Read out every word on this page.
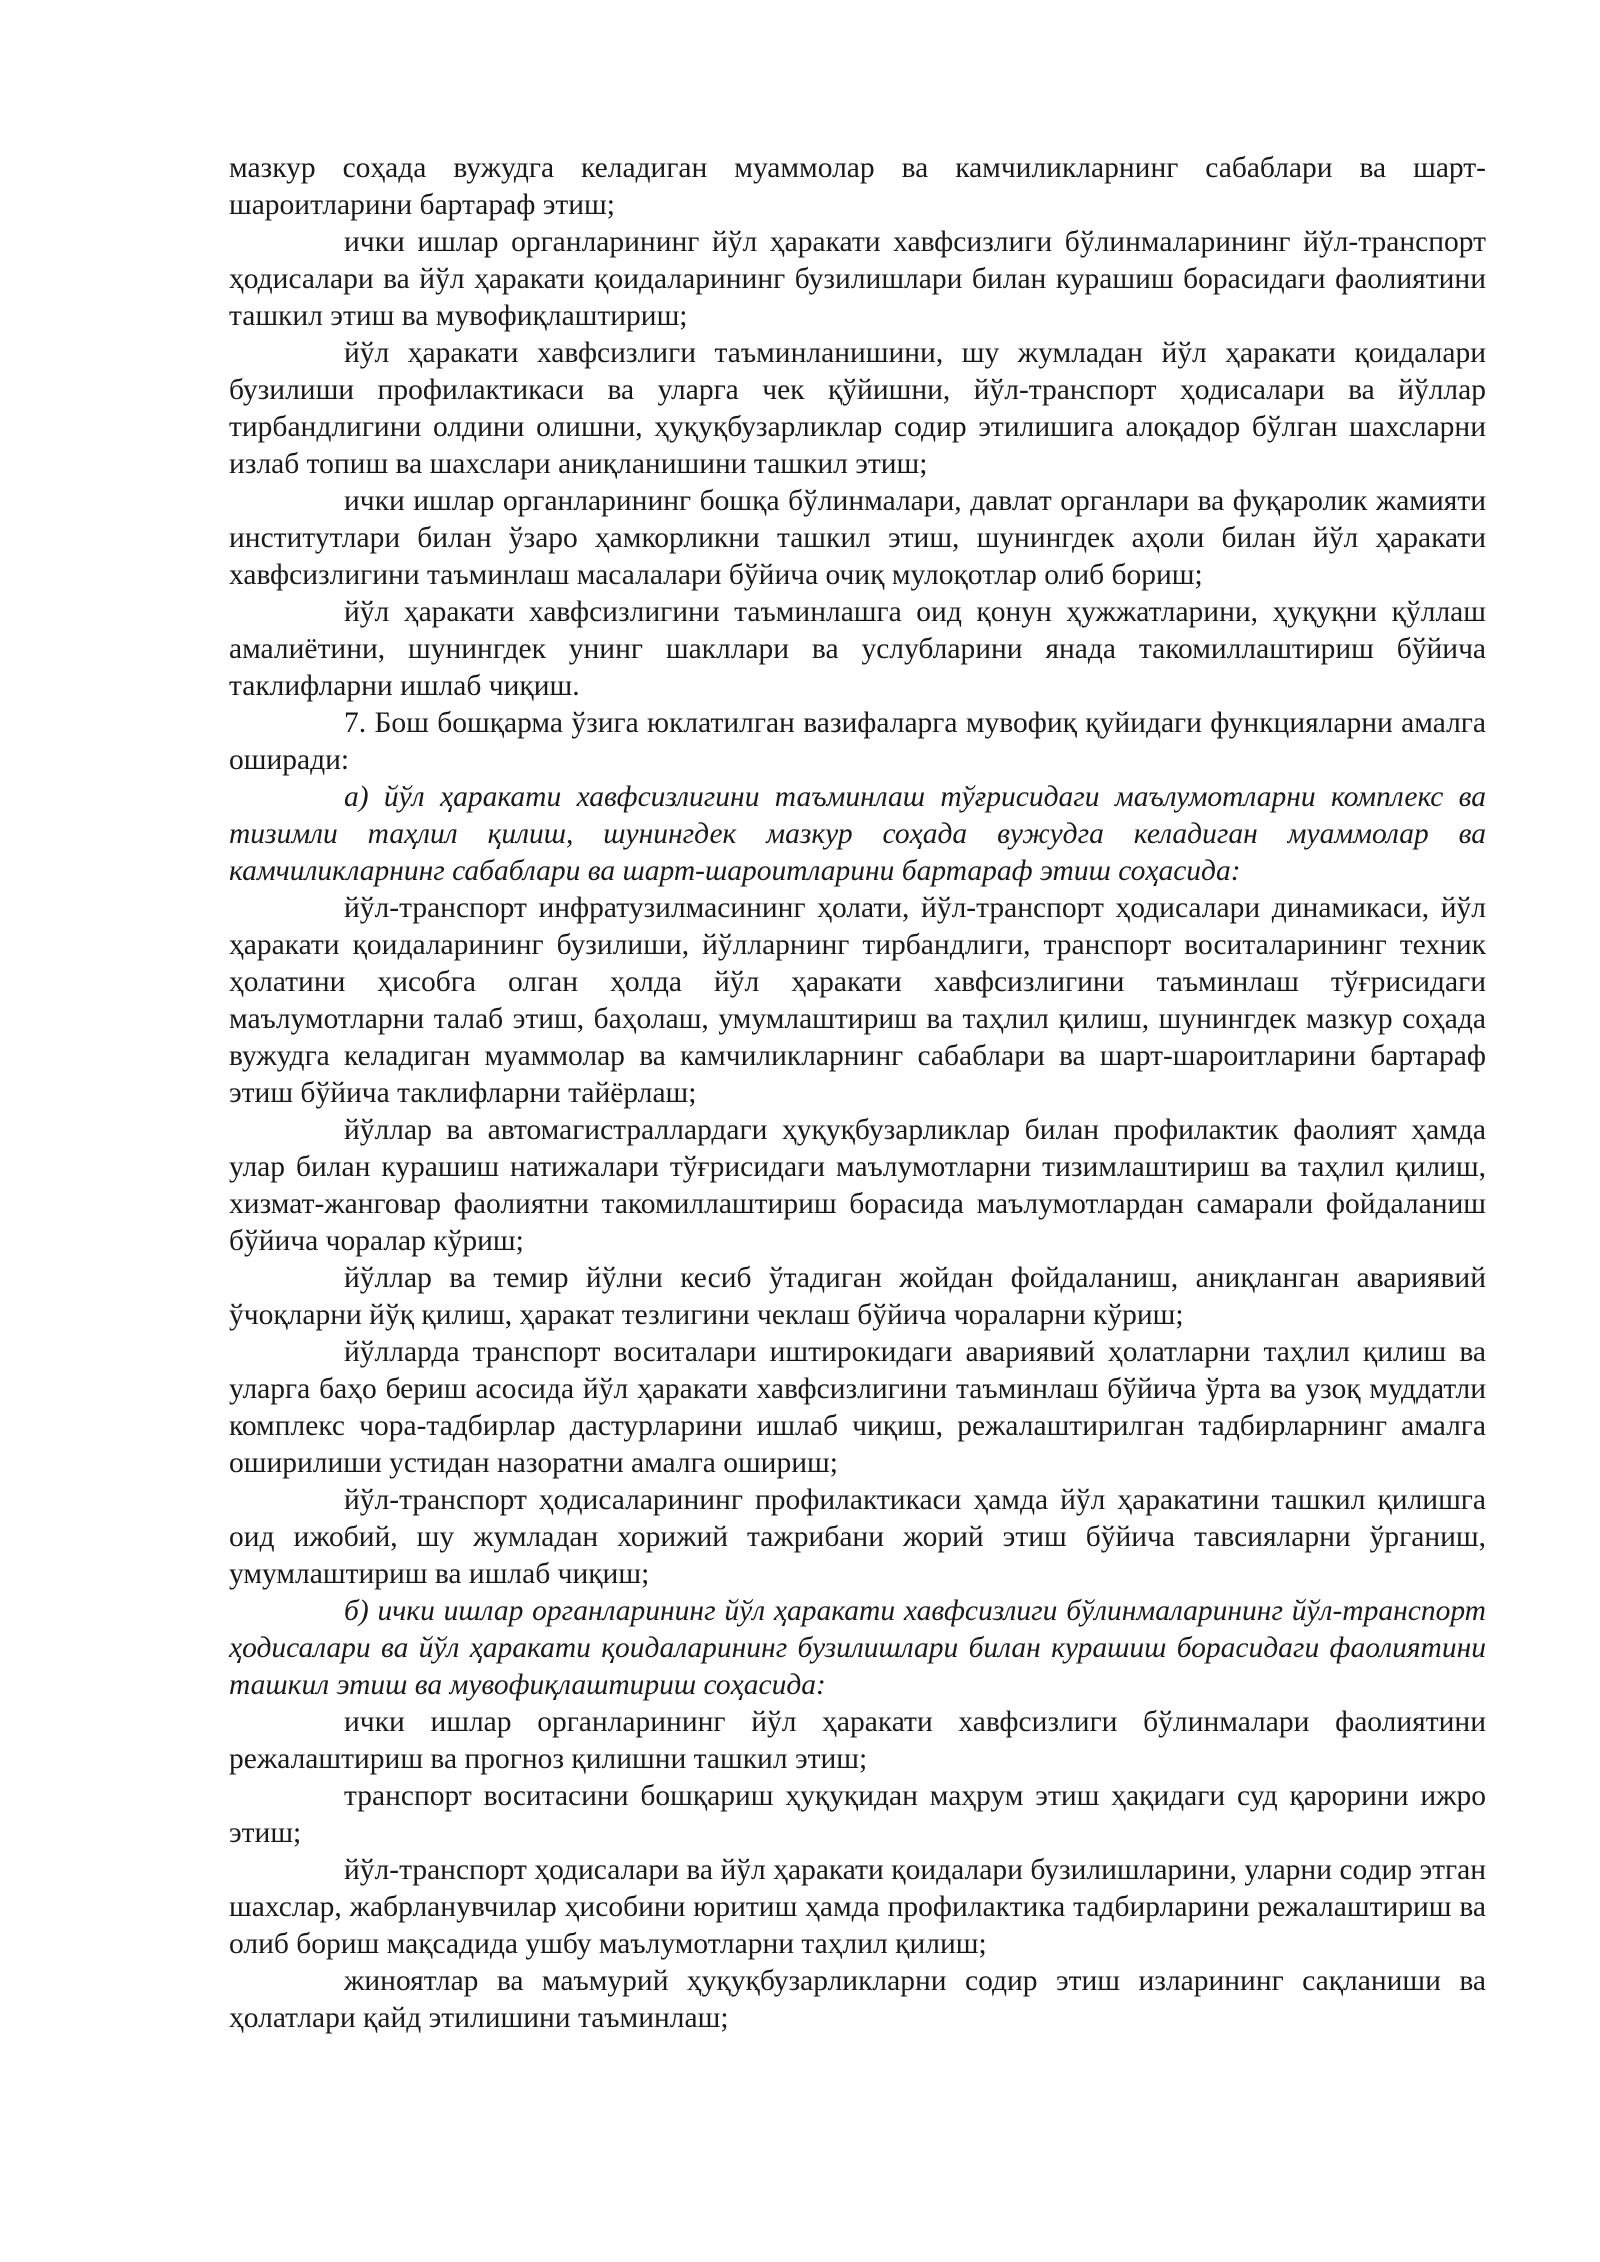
мазкур соҳада вужудга келадиган муаммолар ва камчиликларнинг сабаблари ва шарт-шароитларини бартараф этиш;

ички ишлар органларининг йўл ҳаракати хавфсизлиги бўлинмаларининг йўл-транспорт ҳодисалари ва йўл ҳаракати қоидаларининг бузилишлари билан курашиш борасидаги фаолиятини ташкил этиш ва мувофиқлаштириш;

йўл ҳаракати хавфсизлиги таъминланишини, шу жумладан йўл ҳаракати қоидалари бузилиши профилактикаси ва уларга чек қўйишни, йўл-транспорт ҳодисалари ва йўллар тирбандлигини олдини олишни, ҳуқуқбузарликлар содир этилишига алоқадор бўлган шахсларни излаб топиш ва шахслари аниқланишини ташкил этиш;

ички ишлар органларининг бошқа бўлинмалари, давлат органлари ва фуқаролик жамияти институтлари билан ўзаро ҳамкорликни ташкил этиш, шунингдек аҳоли билан йўл ҳаракати хавфсизлигини таъминлаш масалалари бўйича очиқ мулоқотлар олиб бориш;

йўл ҳаракати хавфсизлигини таъминлашга оид қонун ҳужжатларини, ҳуқуқни қўллаш амалиётини, шунингдек унинг шакллари ва услубларини янада такомиллаштириш бўйича таклифларни ишлаб чиқиш.

7. Бош бошқарма ўзига юклатилган вазифаларга мувофиқ қуйидаги функцияларни амалга оширади:

а) йўл ҳаракати хавфсизлигини таъминлаш тўғрисидаги маълумотларни комплекс ва тизимли таҳлил қилиш, шунингдек мазкур соҳада вужудга келадиган муаммолар ва камчиликларнинг сабаблари ва шарт-шароитларини бартараф этиш соҳасида:

йўл-транспорт инфратузилмасининг ҳолати, йўл-транспорт ҳодисалари динамикаси, йўл ҳаракати қоидаларининг бузилиши, йўлларнинг тирбандлиги, транспорт воситаларининг техник ҳолатини ҳисобга олган ҳолда йўл ҳаракати хавфсизлигини таъминлаш тўғрисидаги маълумотларни талаб этиш, баҳолаш, умумлаштириш ва таҳлил қилиш, шунингдек мазкур соҳада вужудга келадиган муаммолар ва камчиликларнинг сабаблари ва шарт-шароитларини бартараф этиш бўйича таклифларни тайёрлаш;

йўллар ва автомагистраллардаги ҳуқуқбузарликлар билан профилактик фаолият ҳамда улар билан курашиш натижалари тўғрисидаги маълумотларни тизимлаштириш ва таҳлил қилиш, хизмат-жанговар фаолиятни такомиллаштириш борасида маълумотлардан самарали фойдаланиш бўйича чоралар кўриш;

йўллар ва темир йўлни кесиб ўтадиган жойдан фойдаланиш, аниқланган авариявий ўчоқларни йўқ қилиш, ҳаракат тезлигини чеклаш бўйича чораларни кўриш;

йўлларда транспорт воситалари иштирокидаги авариявий ҳолатларни таҳлил қилиш ва уларга баҳо бериш асосида йўл ҳаракати хавфсизлигини таъминлаш бўйича ўрта ва узоқ муддатли комплекс чора-тадбирлар дастурларини ишлаб чиқиш, режалаштирилган тадбирларнинг амалга оширилиши устидан назоратни амалга ошириш;

йўл-транспорт ҳодисаларининг профилактикаси ҳамда йўл ҳаракатини ташкил қилишга оид ижобий, шу жумладан хорижий тажрибани жорий этиш бўйича тавсияларни ўрганиш, умумлаштириш ва ишлаб чиқиш;

б) ички ишлар органларининг йўл ҳаракати хавфсизлиги бўлинмаларининг йўл-транспорт ҳодисалари ва йўл ҳаракати қоидаларининг бузилишлари билан курашиш борасидаги фаолиятини ташкил этиш ва мувофиқлаштириш соҳасида:

ички ишлар органларининг йўл ҳаракати хавфсизлиги бўлинмалари фаолиятини режалаштириш ва прогноз қилишни ташкил этиш;

транспорт воситасини бошқариш ҳуқуқидан маҳрум этиш ҳақидаги суд қарорини ижро этиш;

йўл-транспорт ҳодисалари ва йўл ҳаракати қоидалари бузилишларини, уларни содир этган шахслар, жабрланувчилар ҳисобини юритиш ҳамда профилактика тадбирларини режалаштириш ва олиб бориш мақсадида ушбу маълумотларни таҳлил қилиш;

жиноятлар ва маъмурий ҳуқуқбузарликларни содир этиш изларининг сақланиши ва ҳолатлари қайд этилишини таъминлаш;
